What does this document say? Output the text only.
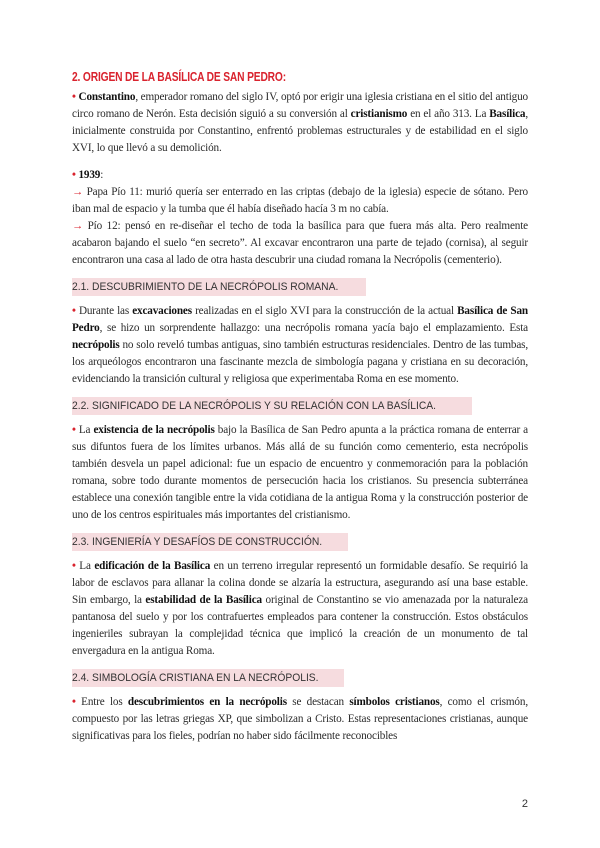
2. ORIGEN DE LA BASÍLICA DE SAN PEDRO:

• Constantino, emperador romano del siglo IV, optó por erigir una iglesia cristiana en el sitio del antiguo circo romano de Nerón. Esta decisión siguió a su conversión al cristianismo en el año 313. La Basílica, inicialmente construida por Constantino, enfrentó problemas estructurales y de estabilidad en el siglo XVI, lo que llevó a su demolición.

• 1939:

→ Papa Pío 11: murió quería ser enterrado en las criptas (debajo de la iglesia) especie de sótano. Pero iban mal de espacio y la tumba que él había diseñado hacía 3 m no cabía.

→ Pío 12: pensó en re-diseñar el techo de toda la basílica para que fuera más alta. Pero realmente acabaron bajando el suelo “en secreto”. Al excavar encontraron una parte de tejado (cornisa), al seguir encontraron una casa al lado de otra hasta descubrir una ciudad romana la Necrópolis (cementerio).

2.1. DESCUBRIMIENTO DE LA NECRÓPOLIS ROMANA.

• Durante las excavaciones realizadas en el siglo XVI para la construcción de la actual Basílica de San Pedro, se hizo un sorprendente hallazgo: una necrópolis romana yacía bajo el emplazamiento. Esta necrópolis no solo reveló tumbas antiguas, sino también estructuras residenciales. Dentro de las tumbas, los arqueólogos encontraron una fascinante mezcla de simbología pagana y cristiana en su decoración, evidenciando la transición cultural y religiosa que experimentaba Roma en ese momento.

2.2. SIGNIFICADO DE LA NECRÓPOLIS Y SU RELACIÓN CON LA BASÍLICA.

• La existencia de la necrópolis bajo la Basílica de San Pedro apunta a la práctica romana de enterrar a sus difuntos fuera de los límites urbanos. Más allá de su función como cementerio, esta necrópolis también desvela un papel adicional: fue un espacio de encuentro y conmemoración para la población romana, sobre todo durante momentos de persecución hacia los cristianos. Su presencia subterránea establece una conexión tangible entre la vida cotidiana de la antigua Roma y la construcción posterior de uno de los centros espirituales más importantes del cristianismo.

2.3. INGENIERÍA Y DESAFÍOS DE CONSTRUCCIÓN.

• La edificación de la Basílica en un terreno irregular representó un formidable desafío. Se requirió la labor de esclavos para allanar la colina donde se alzaría la estructura, asegurando así una base estable. Sin embargo, la estabilidad de la Basílica original de Constantino se vio amenazada por la naturaleza pantanosa del suelo y por los contrafuertes empleados para contener la construcción. Estos obstáculos ingenieriles subrayan la complejidad técnica que implicó la creación de un monumento de tal envergadura en la antigua Roma.

2.4. SIMBOLOGÍA CRISTIANA EN LA NECRÓPOLIS.

• Entre los descubrimientos en la necrópolis se destacan símbolos cristianos, como el crismón, compuesto por las letras griegas XP, que simbolizan a Cristo. Estas representaciones cristianas, aunque significativas para los fieles, podrían no haber sido fácilmente reconocibles

2
